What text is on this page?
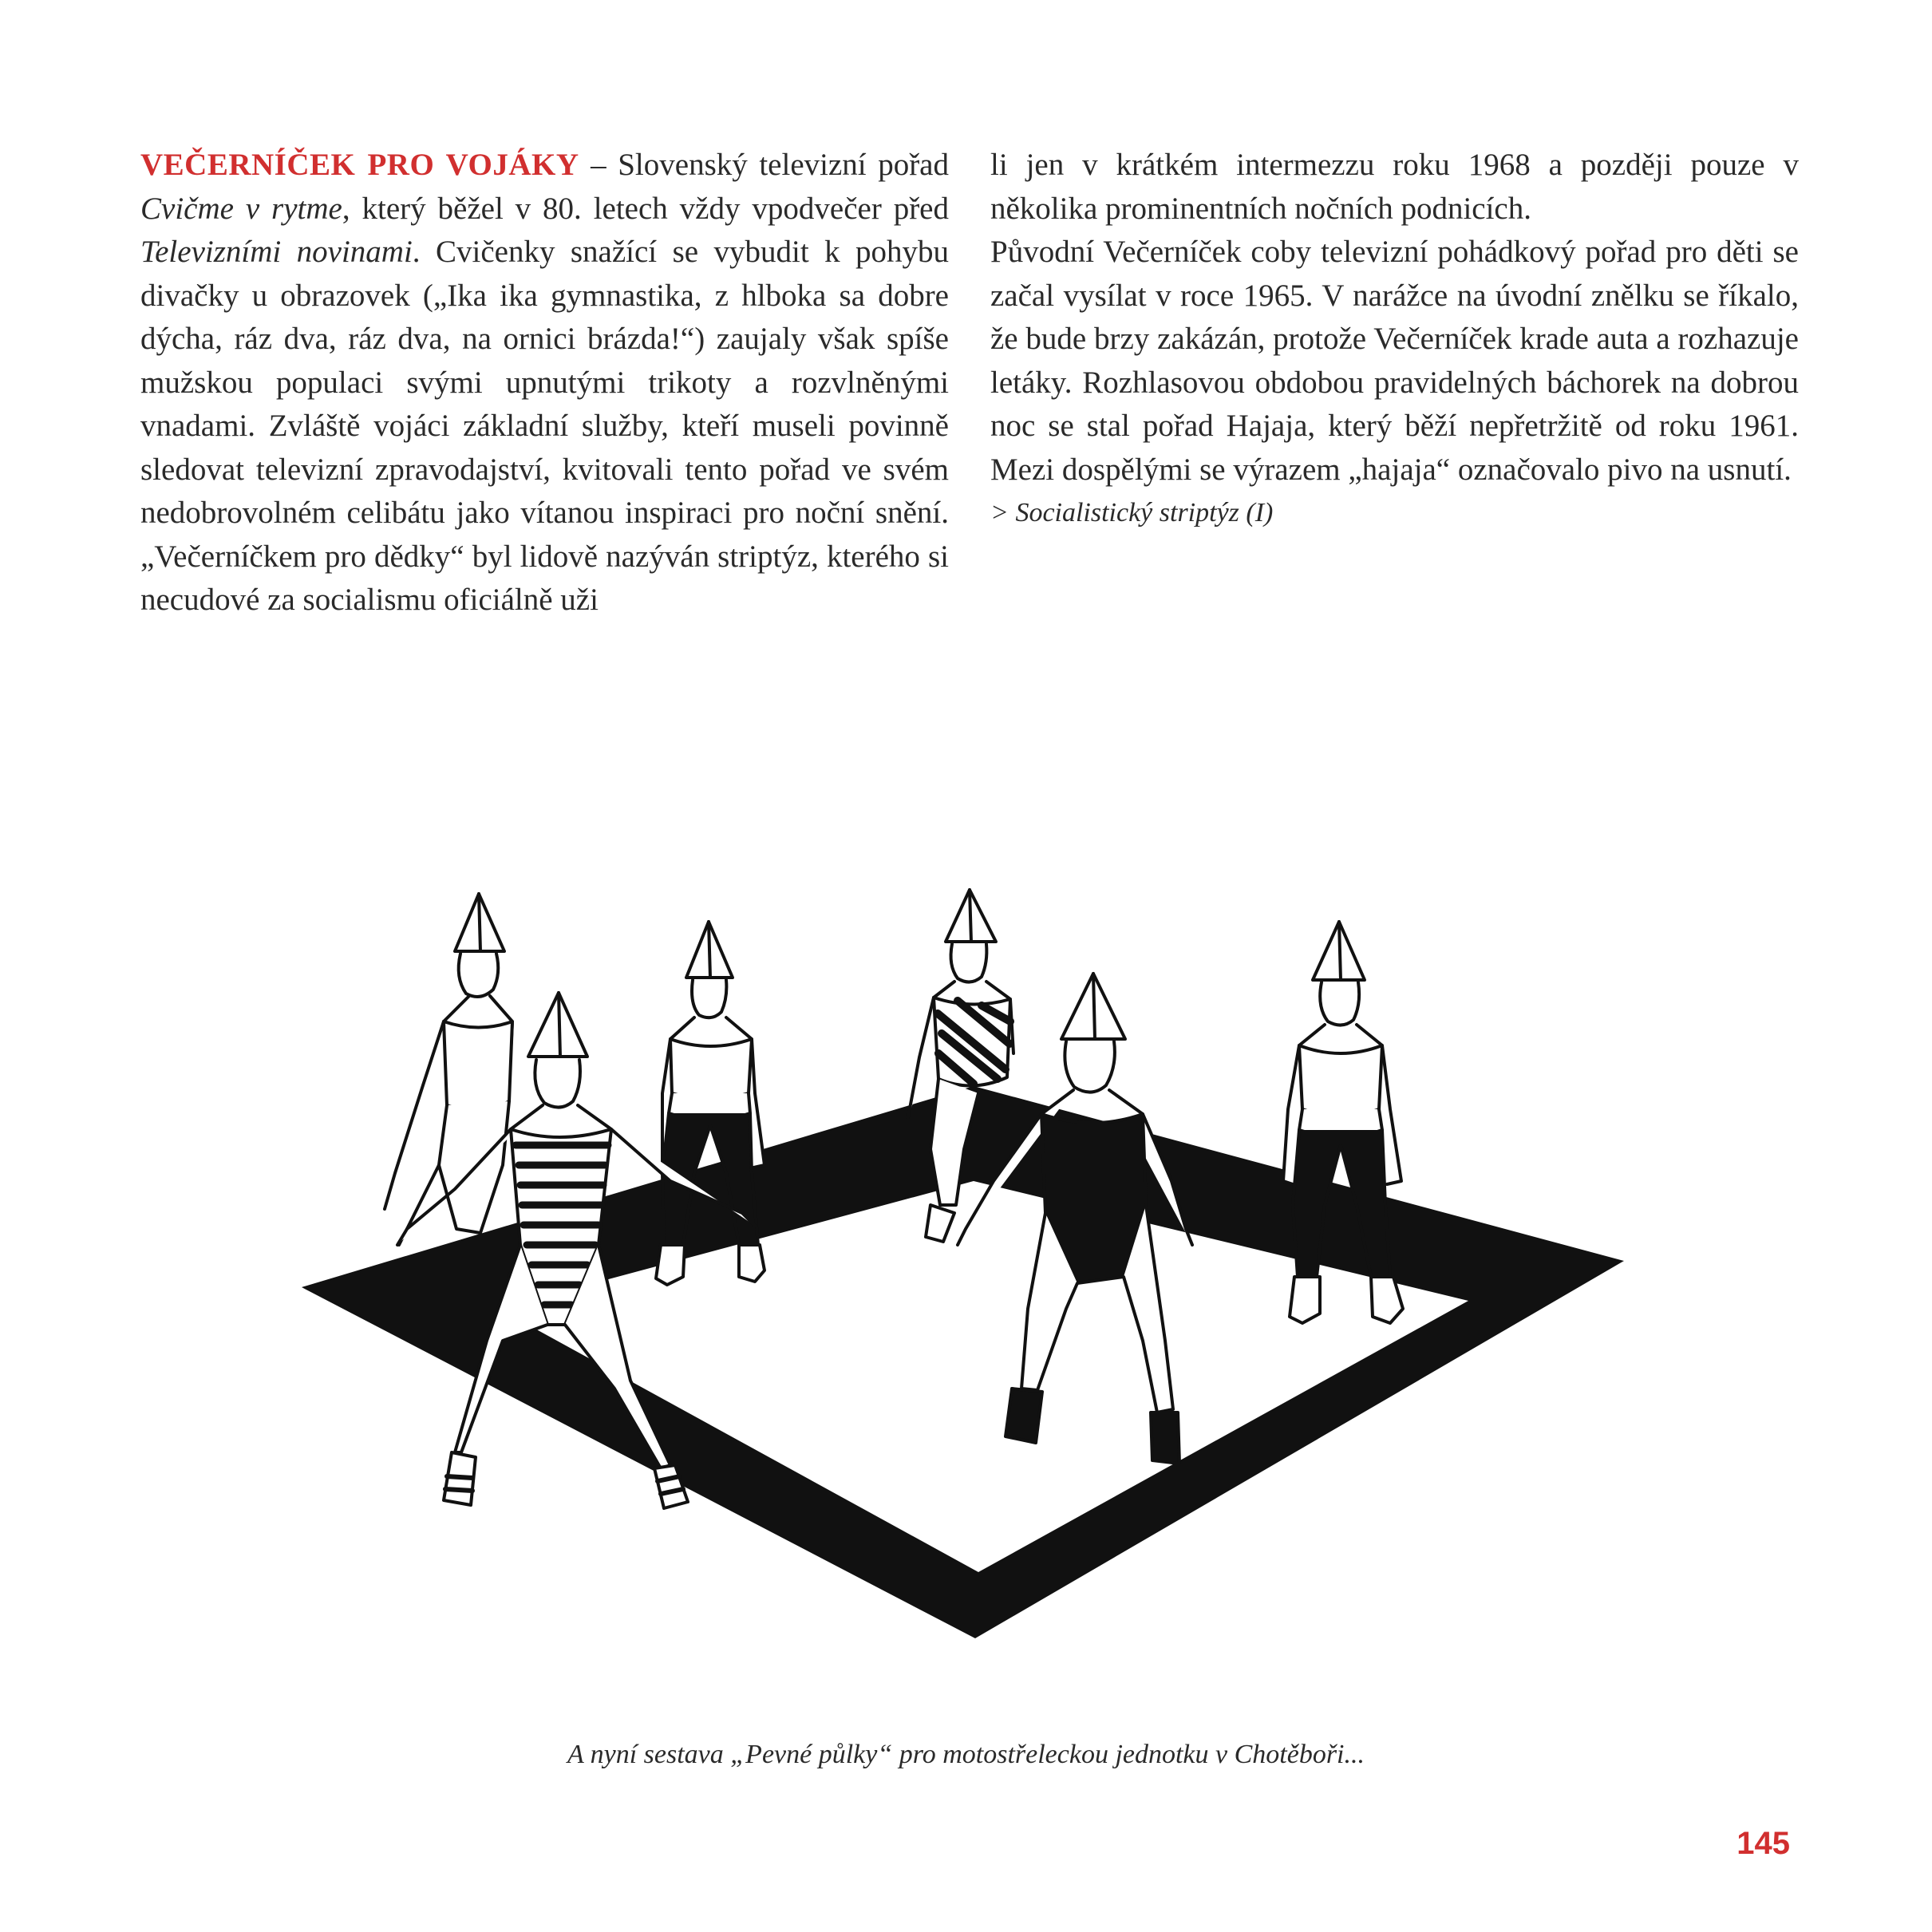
VEČERNÍČEK PRO VOJÁKY – Slovenský televizní pořad Cvičme v rytme, který běžel v 80. letech vždy vpodvečer před Televizními novinami. Cvičenky snažící se vybudit k pohybu divačky u obrazovek („Ika ika gymnastika, z hlboka sa dobre dýcha, ráz dva, ráz dva, na ornici brázda!“) zaujaly však spíše mužskou populaci svými upnutými trikoty a rozvlněnými vnadami. Zvláště vojáci základní služby, kteří museli povinně sledovat televizní zpravodajství, kvitovali tento pořad ve svém nedobrovolném celibátu jako vítanou inspiraci pro noční snění. „Večerníčkem pro dědky“ byl lidově nazýván striptýz, kterého si necudové za socialismu oficiálně uži

li jen v krátkém intermezzu roku 1968 a později pouze v několika prominentních nočních podnicích.

Původní Večerníček coby televizní pohádkový pořad pro děti se začal vysílat v roce 1965. V narážce na úvodní znělku se říkalo, že bude brzy zakázán, protože Večerníček krade auta a rozhazuje letáky. Rozhlasovou obdobou pravidelných báchorek na dobrou noc se stal pořad Hajaja, který běží nepřetržitě od roku 1961. Mezi dospělými se výrazem „hajaja“ označovalo pivo na usnutí.

> Socialistický striptýz (I)

A nyní sestava „Pevné půlky“ pro motostřeleckou jednotku v Chotěboři...
145
